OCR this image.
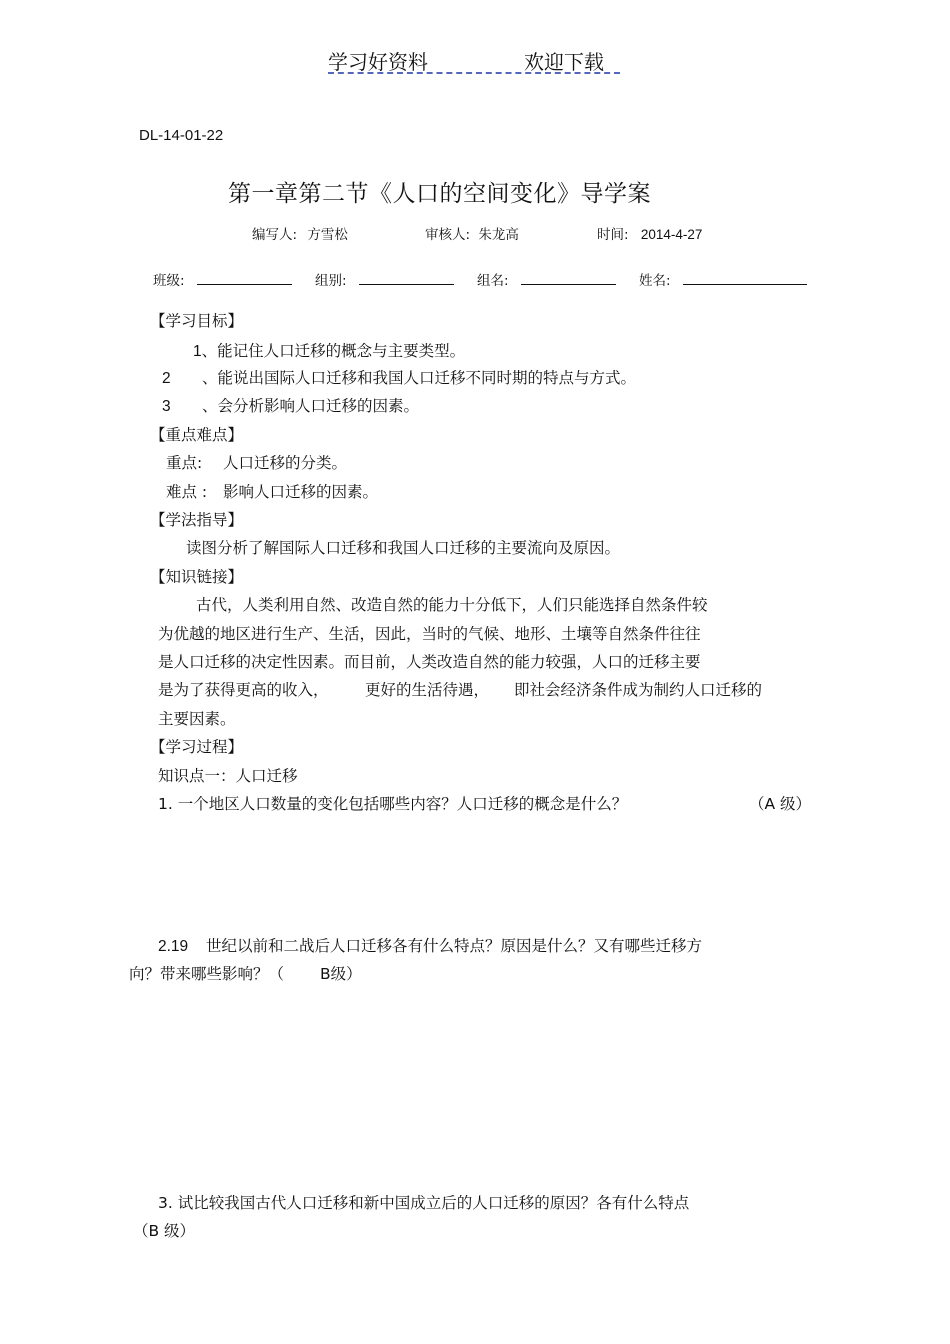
学习好资料	欢迎下载
DL-14-01-22
第一章第二节《人口的空间变化》导学案
编写人: 方雪松	审核人: 朱龙高	时间: 2014-4-27
班级:	组别:	组名:	姓名:
【学习目标】
1、能记住人口迁移的概念与主要类型。
2 、能说出国际人口迁移和我国人口迁移不同时期的特点与方式。
3 、会分析影响人口迁移的因素。
【重点难点】
重点: 人口迁移的分类。
难点 : 影响人口迁移的因素。
【学法指导】
读图分析了解国际人口迁移和我国人口迁移的主要流向及原因。
【知识链接】
古代，人类利用自然、改造自然的能力十分低下，人们只能选择自然条件较
为优越的地区进行生产、生活，因此，当时的气候、地形、土壤等自然条件往往
是人口迁移的决定性因素。而目前，人类改造自然的能力较强，人口的迁移主要
是为了获得更高的收入， 更好的生活待遇， 即社会经济条件成为制约人口迁移的
主要因素。
【学习过程】
知识点一：人口迁移
1. 一个地区人口数量的变化包括哪些内容？人口迁移的概念是什么？	（A 级）
2.19 世纪以前和二战后人口迁移各有什么特点？原因是什么？又有哪些迁移方
向？带来哪些影响？（ B级）
3. 试比较我国古代人口迁移和新中国成立后的人口迁移的原因？各有什么特点
（B 级）
